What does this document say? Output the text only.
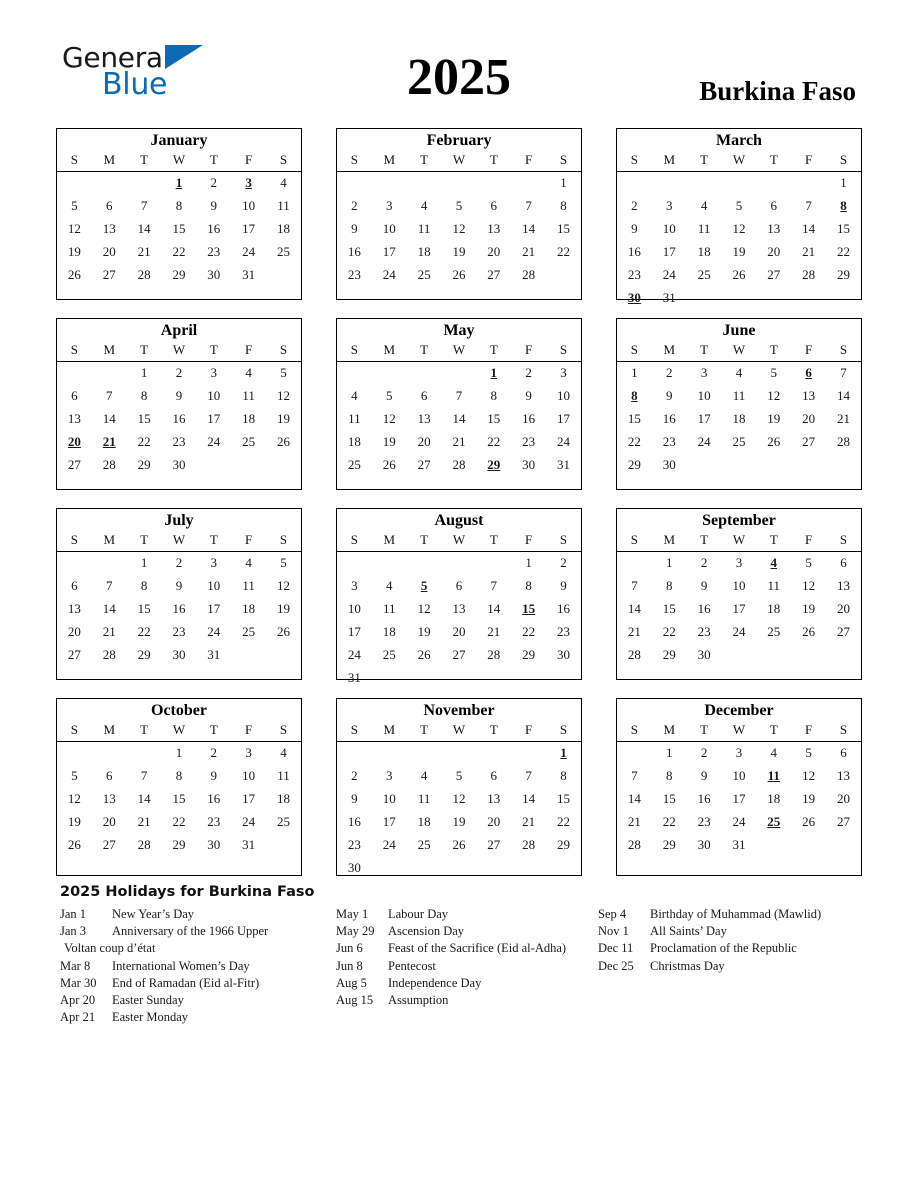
General
Blue	2025	Burkina Faso
January
S	M	T	W	T	F	S
			1	2	3	4
5	6	7	8	9	10	11
12	13	14	15	16	17	18
19	20	21	22	23	24	25
26	27	28	29	30	31	

February
S	M	T	W	T	F	S
						1
2	3	4	5	6	7	8
9	10	11	12	13	14	15
16	17	18	19	20	21	22
23	24	25	26	27	28	

March
S	M	T	W	T	F	S
						1
2	3	4	5	6	7	8
9	10	11	12	13	14	15
16	17	18	19	20	21	22
23	24	25	26	27	28	29
30	31					
April
S	M	T	W	T	F	S
		1	2	3	4	5
6	7	8	9	10	11	12
13	14	15	16	17	18	19
20	21	22	23	24	25	26
27	28	29	30			

May
S	M	T	W	T	F	S
				1	2	3
4	5	6	7	8	9	10
11	12	13	14	15	16	17
18	19	20	21	22	23	24
25	26	27	28	29	30	31

June
S	M	T	W	T	F	S
1	2	3	4	5	6	7
8	9	10	11	12	13	14
15	16	17	18	19	20	21
22	23	24	25	26	27	28
29	30					

July
S	M	T	W	T	F	S
		1	2	3	4	5
6	7	8	9	10	11	12
13	14	15	16	17	18	19
20	21	22	23	24	25	26
27	28	29	30	31		

August
S	M	T	W	T	F	S
					1	2
3	4	5	6	7	8	9
10	11	12	13	14	15	16
17	18	19	20	21	22	23
24	25	26	27	28	29	30
31						
September
S	M	T	W	T	F	S
	1	2	3	4	5	6
7	8	9	10	11	12	13
14	15	16	17	18	19	20
21	22	23	24	25	26	27
28	29	30				

October
S	M	T	W	T	F	S
			1	2	3	4
5	6	7	8	9	10	11
12	13	14	15	16	17	18
19	20	21	22	23	24	25
26	27	28	29	30	31	

November
S	M	T	W	T	F	S
						1
2	3	4	5	6	7	8
9	10	11	12	13	14	15
16	17	18	19	20	21	22
23	24	25	26	27	28	29
30						
December
S	M	T	W	T	F	S
	1	2	3	4	5	6
7	8	9	10	11	12	13
14	15	16	17	18	19	20
21	22	23	24	25	26	27
28	29	30	31			

2025 Holidays for Burkina Faso
Jan 1	New Year’s Day
Jan 3	Anniversary of the 1966 Upper
Voltan coup d’état
Mar 8	International Women’s Day
Mar 30	End of Ramadan (Eid al-Fitr)
Apr 20	Easter Sunday
Apr 21	Easter Monday
May 1	Labour Day
May 29	Ascension Day
Jun 6	Feast of the Sacrifice (Eid al-Adha)
Jun 8	Pentecost
Aug 5	Independence Day
Aug 15	Assumption
Sep 4	Birthday of Muhammad (Mawlid)
Nov 1	All Saints’ Day
Dec 11	Proclamation of the Republic
Dec 25	Christmas Day
